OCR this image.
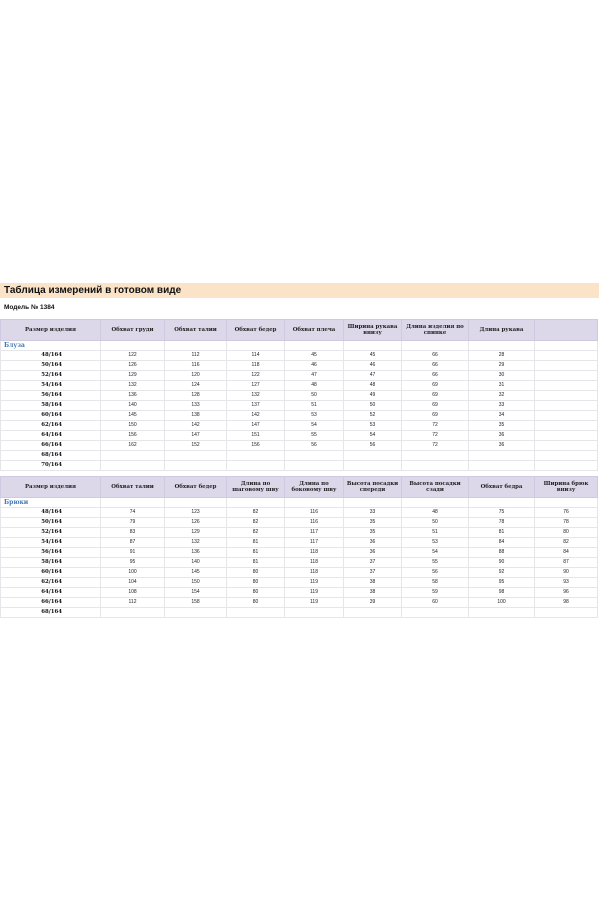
Таблица измерений в готовом виде
Модель № 1384
Размер изделия	Обхват груди	Обхват талии	Обхват бедер	Обхват плеча	Ширина рукава внизу	Длина изделия по спинке	Длина рукава	
Блуза								
48/164	122	112	114	45	45	66	28	
50/164	126	116	118	46	46	66	29	
52/164	129	120	122	47	47	66	30	
54/164	132	124	127	48	48	69	31	
56/164	136	128	132	50	49	69	32	
58/164	140	133	137	51	50	69	33	
60/164	145	138	142	53	52	69	34	
62/164	150	142	147	54	53	72	35	
64/164	156	147	151	55	54	72	36	
66/164	162	152	156	56	56	72	36	
68/164								
70/164								
Размер изделия	Обхват талии	Обхват бедер	Длина по шаговому шву	Длина по боковому шву	Высота посадки спереди	Высота посадки сзади	Обхват бедра	Ширина брюк внизу
Брюки								
48/164	74	123	82	116	33	48	75	76
50/164	79	126	82	116	35	50	78	78
52/164	83	129	82	117	35	51	81	80
54/164	87	132	81	117	36	53	84	82
56/164	91	136	81	118	36	54	88	84
58/164	95	140	81	118	37	55	90	87
60/164	100	145	80	118	37	56	92	90
62/164	104	150	80	119	38	58	95	93
64/164	108	154	80	119	38	59	98	96
66/164	112	158	80	119	39	60	100	98
68/164								
